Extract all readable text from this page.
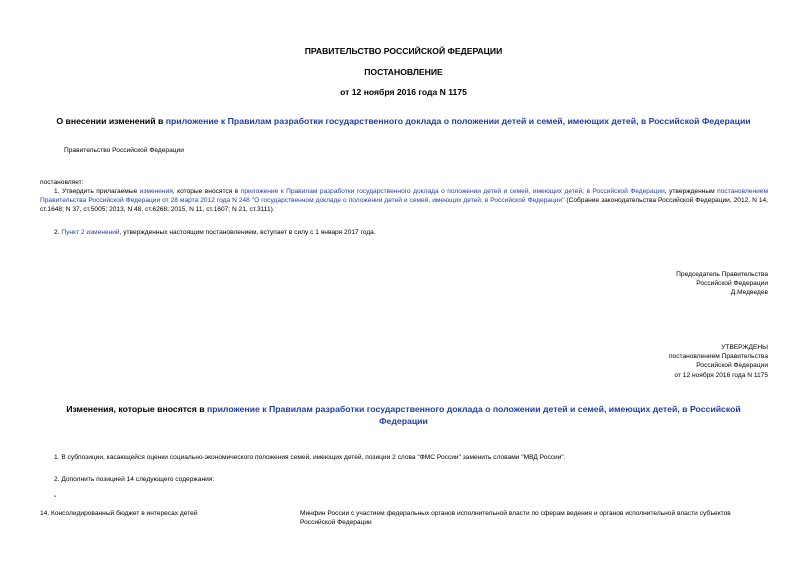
ПРАВИТЕЛЬСТВО РОССИЙСКОЙ ФЕДЕРАЦИИ
ПОСТАНОВЛЕНИЕ
от 12 ноября 2016 года N 1175
О внесении изменений в приложение к Правилам разработки государственного доклада о положении детей и семей, имеющих детей, в Российской Федерации
Правительство Российской Федерации
постановляет:
1. Утвердить прилагаемые изменения, которые вносятся в приложение к Правилам разработки государственного доклада о положении детей и семей, имеющих детей, в Российской Федерации, утвержденным постановлением Правительства Российской Федерации от 28 марта 2012 года N 248 "О государственном докладе о положении детей и семей, имеющих детей, в Российской Федерации" (Собрание законодательства Российской Федерации, 2012, N 14, ст.1648; N 37, ст.5005; 2013, N 48, ст.6268; 2015, N 11, ст.1607; N 21, ст.3111).
2. Пункт 2 изменений, утвержденных настоящим постановлением, вступает в силу с 1 января 2017 года.
Председатель Правительства
Российской Федерации
Д.Медведев
УТВЕРЖДЕНЫ
постановлением Правительства
Российской Федерации
от 12 ноября 2016 года N 1175
Изменения, которые вносятся в приложение к Правилам разработки государственного доклада о положении детей и семей, имеющих детей, в Российской Федерации
1. В субпозиции, касающейся оценки социально-экономического положения семей, имеющих детей, позиции 2 слова "ФМС России" заменить словами "МВД России".
2. Дополнить позицией 14 следующего содержания:
"
14. Консолидированный бюджет в интересах детей	Минфин России с участием федеральных органов исполнительной власти по сферам ведения и органов исполнительной власти субъектов Российской Федерации
